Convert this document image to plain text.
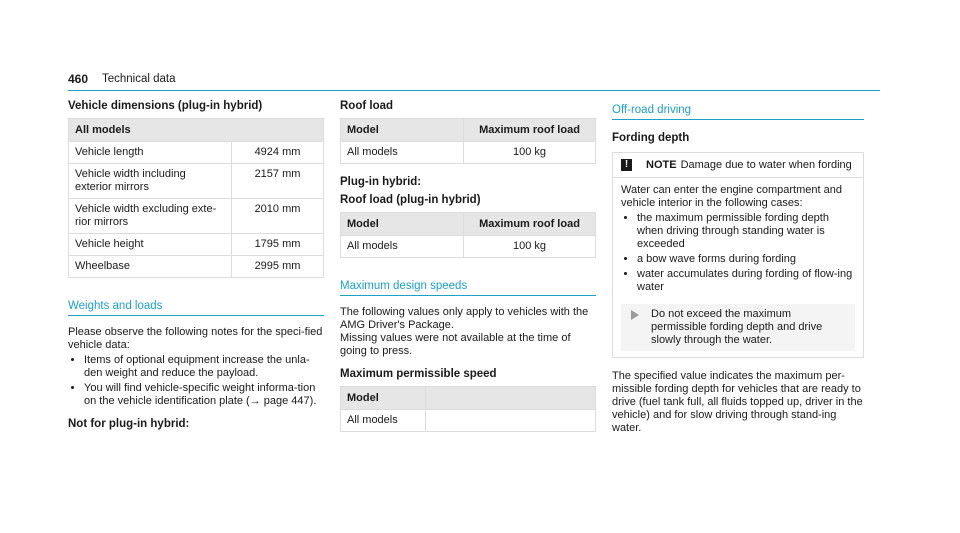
460 Technical data
Vehicle dimensions (plug-in hybrid)
All models	
Vehicle length	4924 mm
Vehicle width including exterior mirrors	2157 mm
Vehicle width excluding exte-rior mirrors	2010 mm
Vehicle height	1795 mm
Wheelbase	2995 mm
Weights and loads

Please observe the following notes for the speci-fied vehicle data:

• Items of optional equipment increase the unla-den weight and reduce the payload.
• You will find vehicle-specific weight informa-tion on the vehicle identification plate (→ page 447).
Not for plug-in hybrid:
Roof load
Model	Maximum roof load
All models	100 kg
Plug-in hybrid:
Roof load (plug-in hybrid)
Model	Maximum roof load
All models	100 kg
Maximum design speeds

The following values only apply to vehicles with the AMG Driver's Package.

Missing values were not available at the time of going to press.

Maximum permissible speed
Model	
All models	
Off-road driving
Fording depth
!	NOTE Damage due to water when fording

Water can enter the engine compartment and vehicle interior in the following cases:

• the maximum permissible fording depth when driving through standing water is exceeded
• a bow wave forms during fording
• water accumulates during fording of flow-ing water

Do not exceed the maximum permissible fording depth and drive slowly through the water.

The specified value indicates the maximum per-missible fording depth for vehicles that are ready to drive (fuel tank full, all fluids topped up, driver in the vehicle) and for slow driving through stand-ing water.
